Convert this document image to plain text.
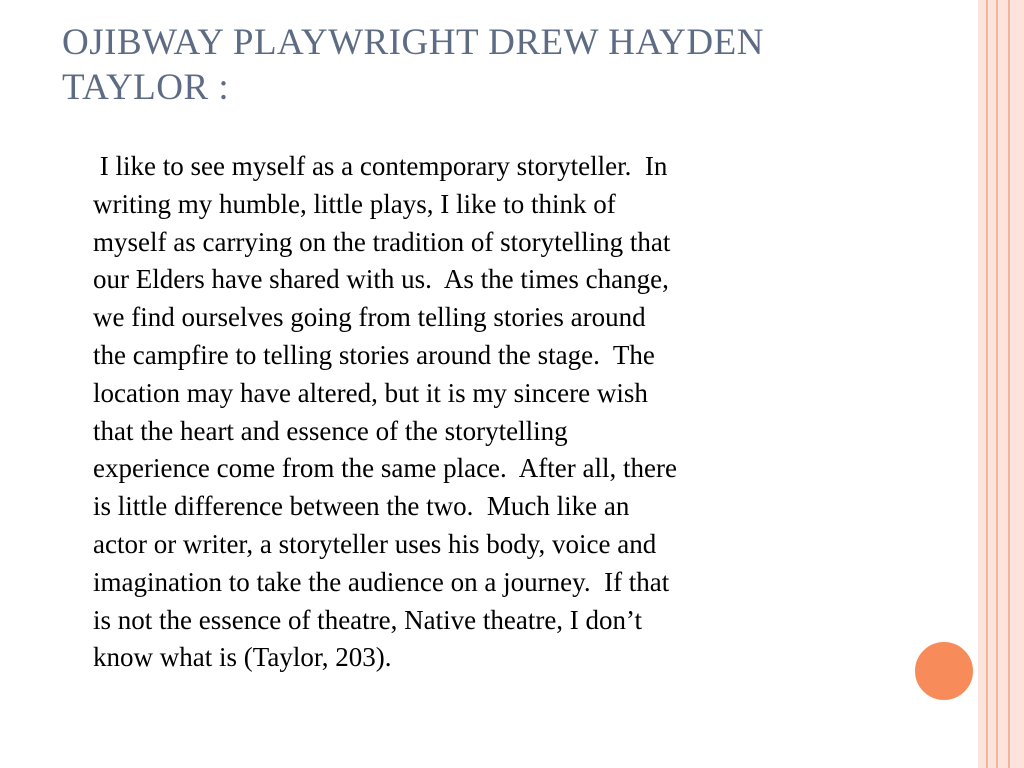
OJIBWAY PLAYWRIGHT DREW HAYDEN
TAYLOR :
I like to see myself as a contemporary storyteller.  In
writing my humble, little plays, I like to think of
myself as carrying on the tradition of storytelling that
our Elders have shared with us.  As the times change,
we find ourselves going from telling stories around
the campfire to telling stories around the stage.  The
location may have altered, but it is my sincere wish
that the heart and essence of the storytelling
experience come from the same place.  After all, there
is little difference between the two.  Much like an
actor or writer, a storyteller uses his body, voice and
imagination to take the audience on a journey.  If that
is not the essence of theatre, Native theatre, I don’t
know what is (Taylor, 203).
